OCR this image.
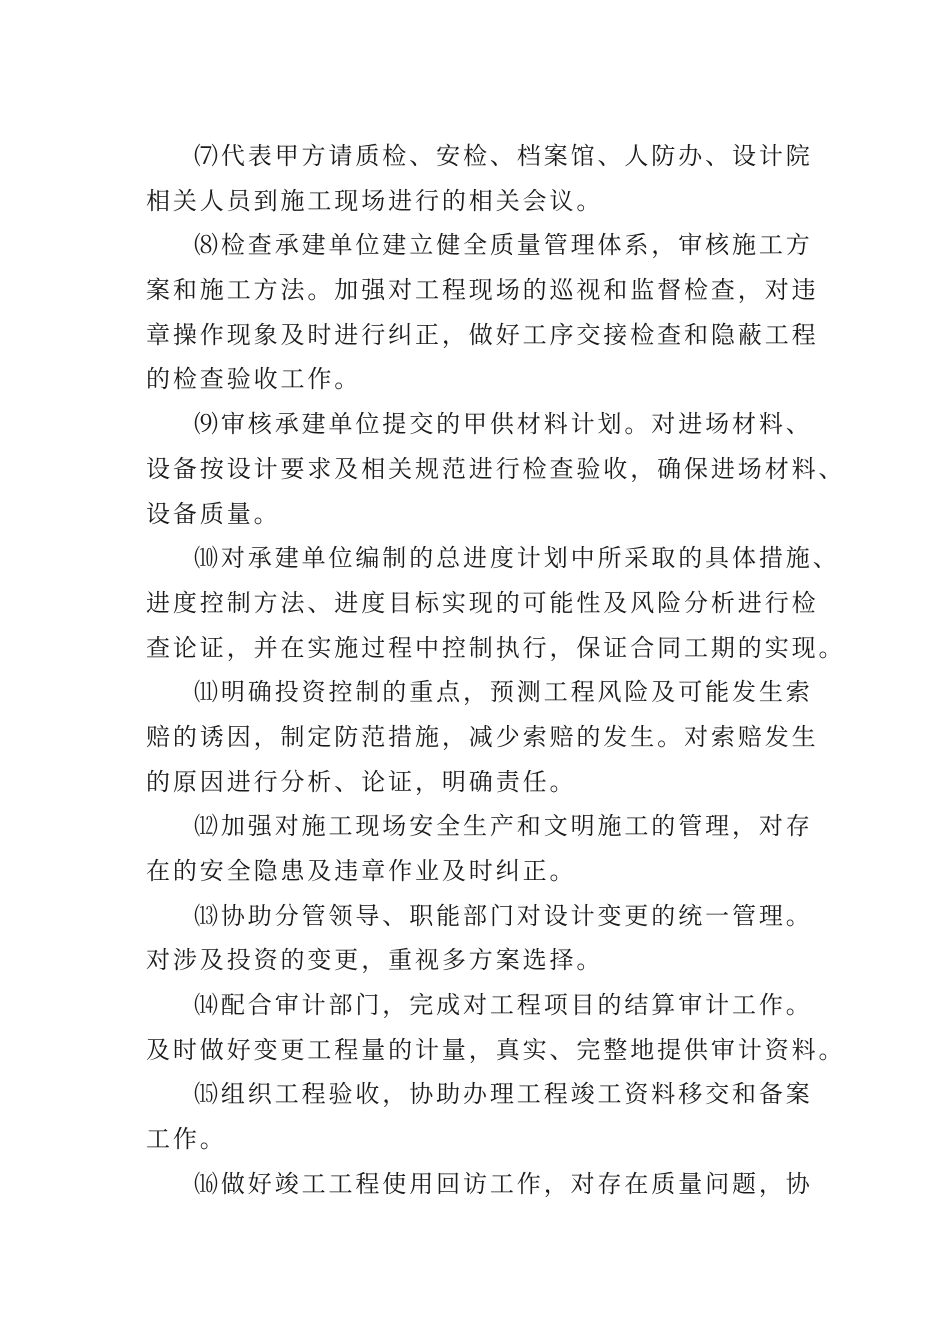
⑺代表甲方请质检、安检、档案馆、人防办、设计院
相关人员到施工现场进行的相关会议。

⑻检查承建单位建立健全质量管理体系，审核施工方
案和施工方法。加强对工程现场的巡视和监督检查，对违
章操作现象及时进行纠正，做好工序交接检查和隐蔽工程
的检查验收工作。

⑼审核承建单位提交的甲供材料计划。对进场材料、
设备按设计要求及相关规范进行检查验收，确保进场材料、
设备质量。

⑽对承建单位编制的总进度计划中所采取的具体措施、
进度控制方法、进度目标实现的可能性及风险分析进行检
查论证，并在实施过程中控制执行，保证合同工期的实现。

⑾明确投资控制的重点，预测工程风险及可能发生索
赔的诱因，制定防范措施，减少索赔的发生。对索赔发生
的原因进行分析、论证，明确责任。

⑿加强对施工现场安全生产和文明施工的管理，对存
在的安全隐患及违章作业及时纠正。

⒀协助分管领导、职能部门对设计变更的统一管理。
对涉及投资的变更，重视多方案选择。

⒁配合审计部门，完成对工程项目的结算审计工作。
及时做好变更工程量的计量，真实、完整地提供审计资料。

⒂组织工程验收，协助办理工程竣工资料移交和备案
工作。

⒃做好竣工工程使用回访工作，对存在质量问题，协
